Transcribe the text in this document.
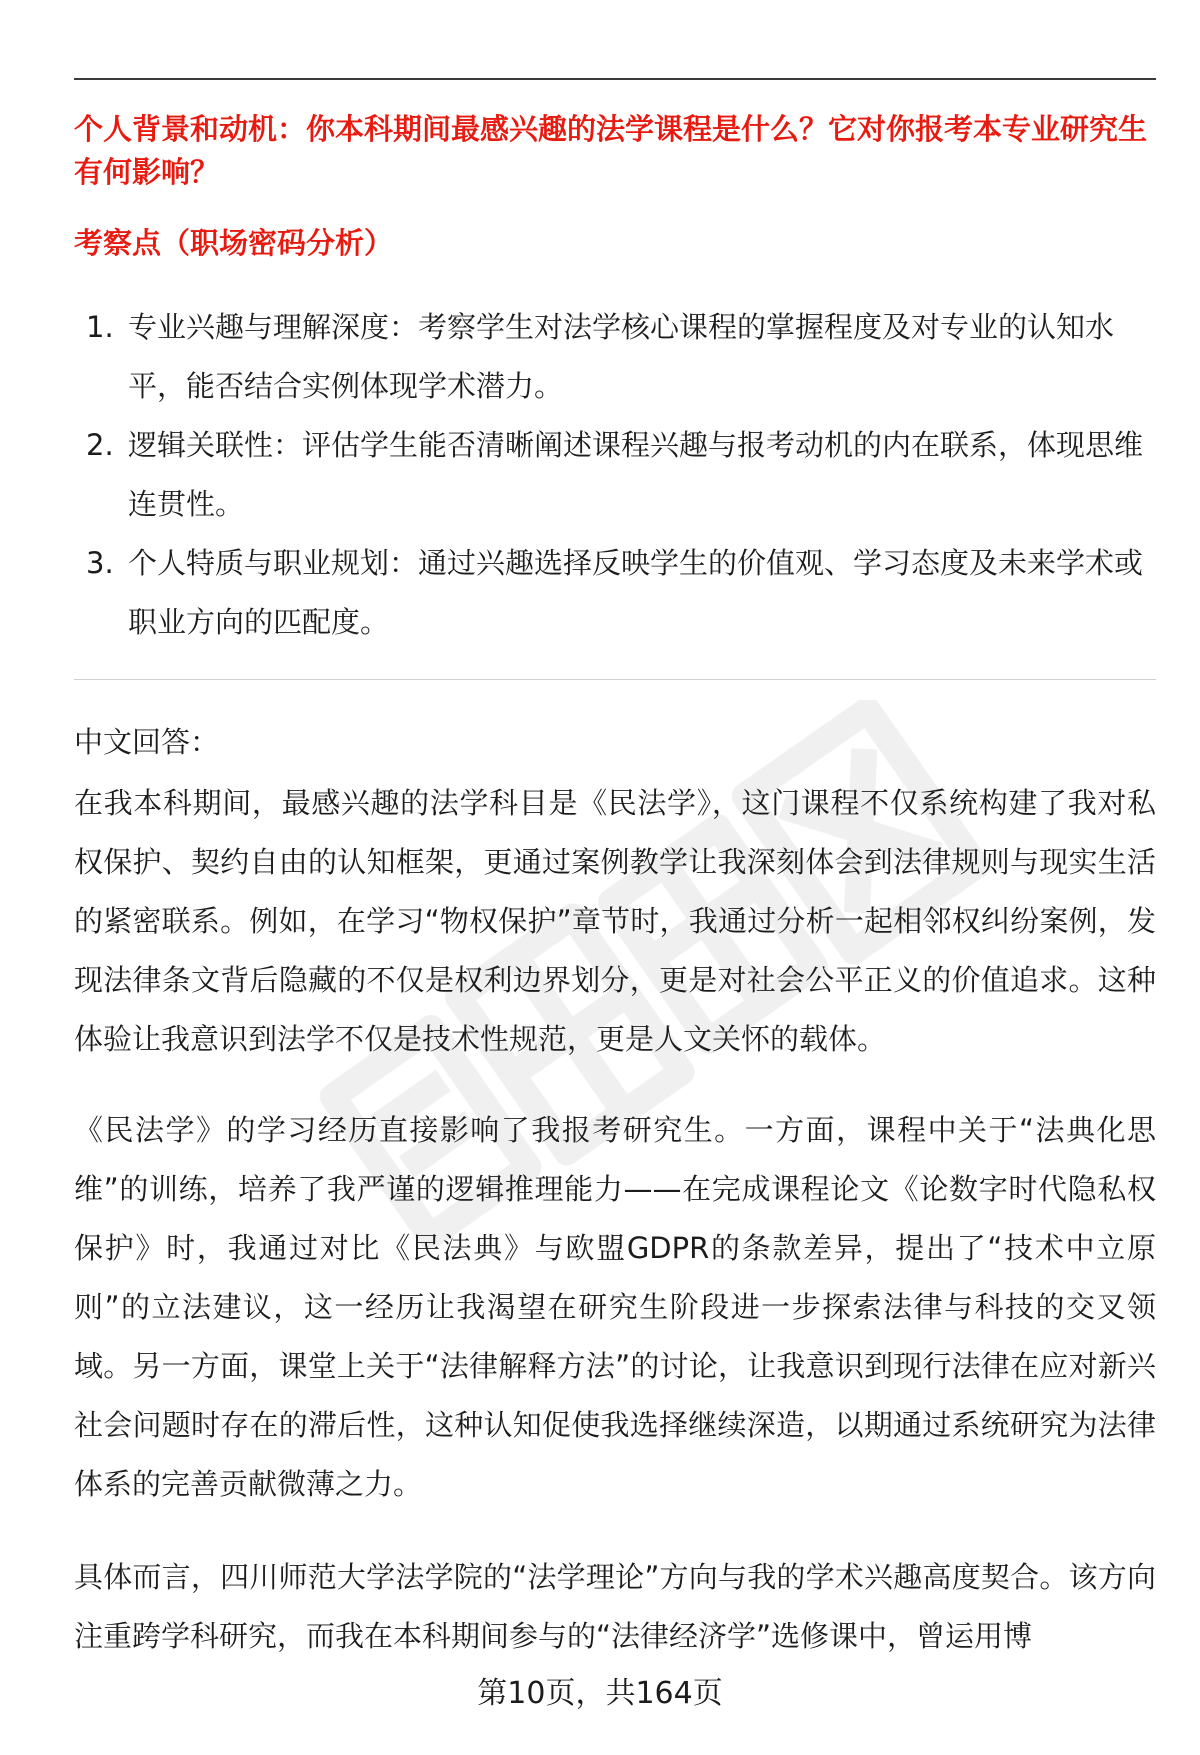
个人背景和动机：你本科期间最感兴趣的法学课程是什么？它对你报考本专业研究生有何影响？

考察点（职场密码分析）

1. 专业兴趣与理解深度：考察学生对法学核心课程的掌握程度及对专业的认知水平，能否结合实例体现学术潜力。
2. 逻辑关联性：评估学生能否清晰阐述课程兴趣与报考动机的内在联系，体现思维连贯性。
3. 个人特质与职业规划：通过兴趣选择反映学生的价值观、学习态度及未来学术或职业方向的匹配度。

中文回答：

在我本科期间，最感兴趣的法学科目是《民法学》，这门课程不仅系统构建了我对私权保护、契约自由的认知框架，更通过案例教学让我深刻体会到法律规则与现实生活的紧密联系。例如，在学习“物权保护”章节时，我通过分析一起相邻权纠纷案例，发现法律条文背后隐藏的不仅是权利边界划分，更是对社会公平正义的价值追求。这种体验让我意识到法学不仅是技术性规范，更是人文关怀的载体。

《民法学》的学习经历直接影响了我报考研究生。一方面，课程中关于“法典化思维”的训练，培养了我严谨的逻辑推理能力——在完成课程论文《论数字时代隐私权保护》时，我通过对比《民法典》与欧盟GDPR的条款差异，提出了“技术中立原则”的立法建议，这一经历让我渴望在研究生阶段进一步探索法律与科技的交叉领域。另一方面，课堂上关于“法律解释方法”的讨论，让我意识到现行法律在应对新兴社会问题时存在的滞后性，这种认知促使我选择继续深造，以期通过系统研究为法律体系的完善贡献微薄之力。

具体而言，四川师范大学法学院的“法学理论”方向与我的学术兴趣高度契合。该方向注重跨学科研究，而我在本科期间参与的“法律经济学”选修课中，曾运用博

第10页，共164页
